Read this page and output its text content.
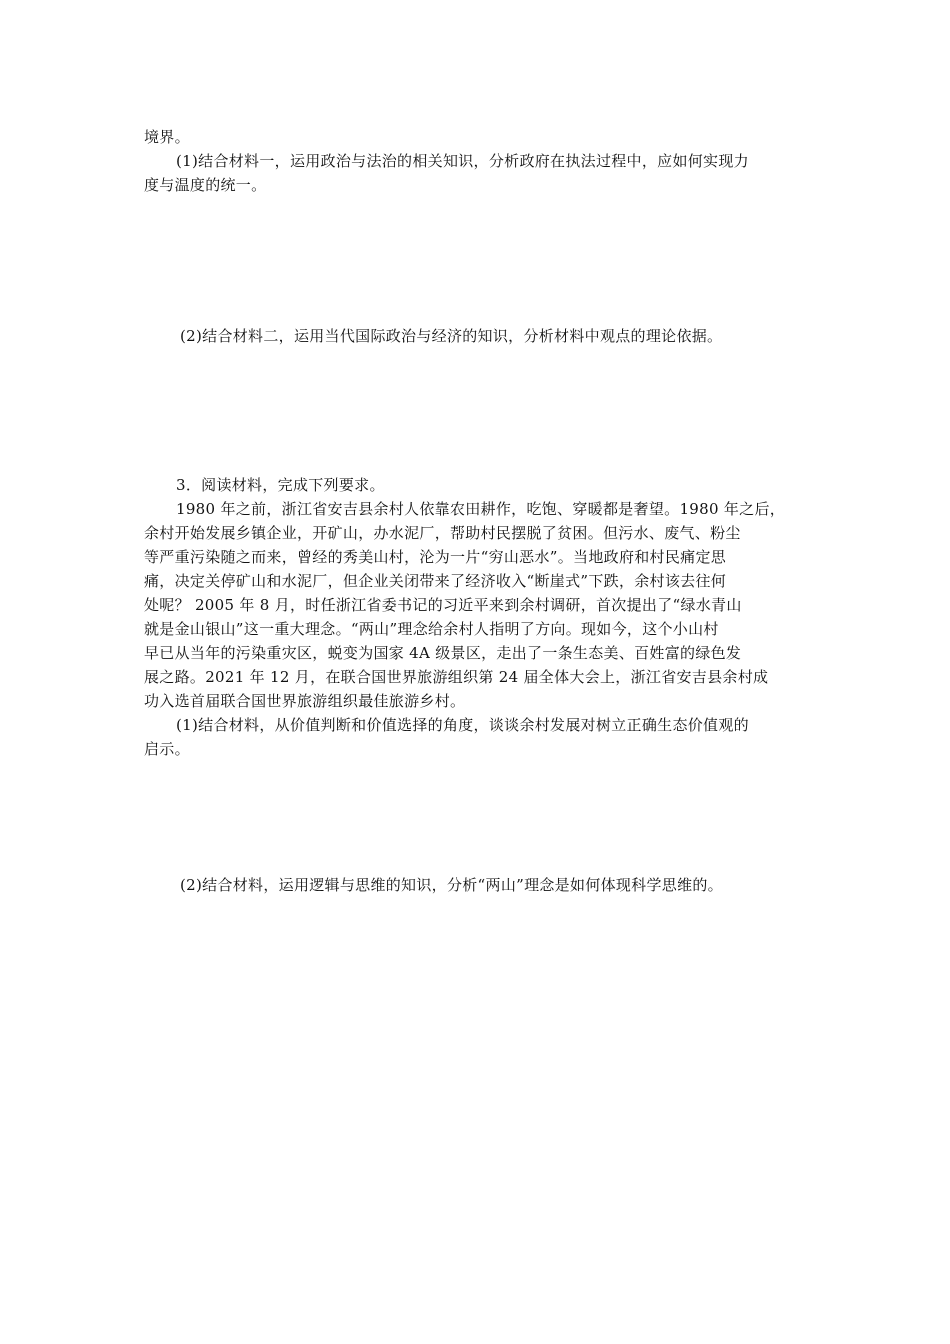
境界。
(1)结合材料一，运用政治与法治的相关知识，分析政府在执法过程中，应如何实现力
度与温度的统一。
(2)结合材料二，运用当代国际政治与经济的知识，分析材料中观点的理论依据。
3．阅读材料，完成下列要求。
1980 年之前，浙江省安吉县余村人依靠农田耕作，吃饱、穿暖都是奢望。1980 年之后，
余村开始发展乡镇企业，开矿山，办水泥厂，帮助村民摆脱了贫困。但污水、废气、粉尘
等严重污染随之而来，曾经的秀美山村，沦为一片“穷山恶水”。当地政府和村民痛定思
痛，决定关停矿山和水泥厂，但企业关闭带来了经济收入“断崖式”下跌，余村该去往何
处呢？ 2005 年 8 月，时任浙江省委书记的习近平来到余村调研，首次提出了“绿水青山
就是金山银山”这一重大理念。“两山”理念给余村人指明了方向。现如今，这个小山村
早已从当年的污染重灾区，蜕变为国家 4A 级景区，走出了一条生态美、百姓富的绿色发
展之路。2021 年 12 月，在联合国世界旅游组织第 24 届全体大会上，浙江省安吉县余村成
功入选首届联合国世界旅游组织最佳旅游乡村。
(1)结合材料，从价值判断和价值选择的角度，谈谈余村发展对树立正确生态价值观的
启示。
(2)结合材料，运用逻辑与思维的知识，分析“两山”理念是如何体现科学思维的。
